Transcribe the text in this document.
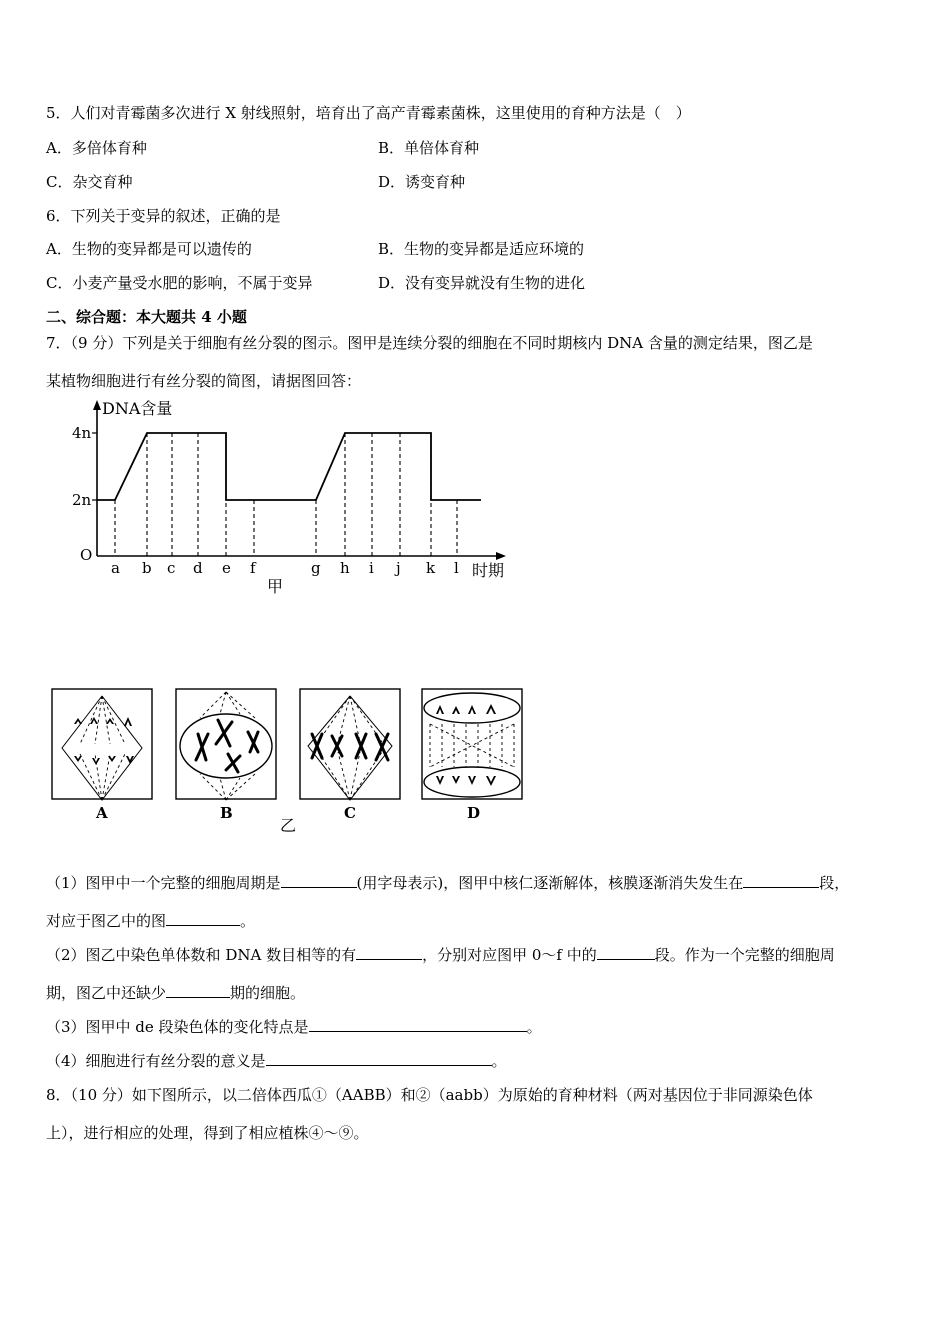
5．人们对青霉菌多次进行 X 射线照射，培育出了高产青霉素菌株，这里使用的育种方法是（　）
A．多倍体育种	B．单倍体育种
C．杂交育种	D．诱变育种
6．下列关于变异的叙述，正确的是
A．生物的变异都是可以遗传的	B．生物的变异都是适应环境的
C．小麦产量受水肥的影响，不属于变异	D．没有变异就没有生物的进化
二、综合题：本大题共 4 小题
7．（9 分）下列是关于细胞有丝分裂的图示。图甲是连续分裂的细胞在不同时期核内 DNA 含量的测定结果，图乙是
某植物细胞进行有丝分裂的简图，请据图回答：
DNA含量
4n
2n
O
时期
甲
a b c d e f	g h i j k l
A	B	C	D
乙
（1）图甲中一个完整的细胞周期是	(用字母表示)，图甲中核仁逐渐解体，核膜逐渐消失发生在	段，
对应于图乙中的图	。
（2）图乙中染色单体数和 DNA 数目相等的有	，分别对应图甲 0～f 中的	段。作为一个完整的细胞周
期，图乙中还缺少	期的细胞。
（3）图甲中 de 段染色体的变化特点是	。
（4）细胞进行有丝分裂的意义是	。
8．（10 分）如下图所示，以二倍体西瓜①（AABB）和②（aabb）为原始的育种材料（两对基因位于非同源染色体
上），进行相应的处理，得到了相应植株④～⑨。
